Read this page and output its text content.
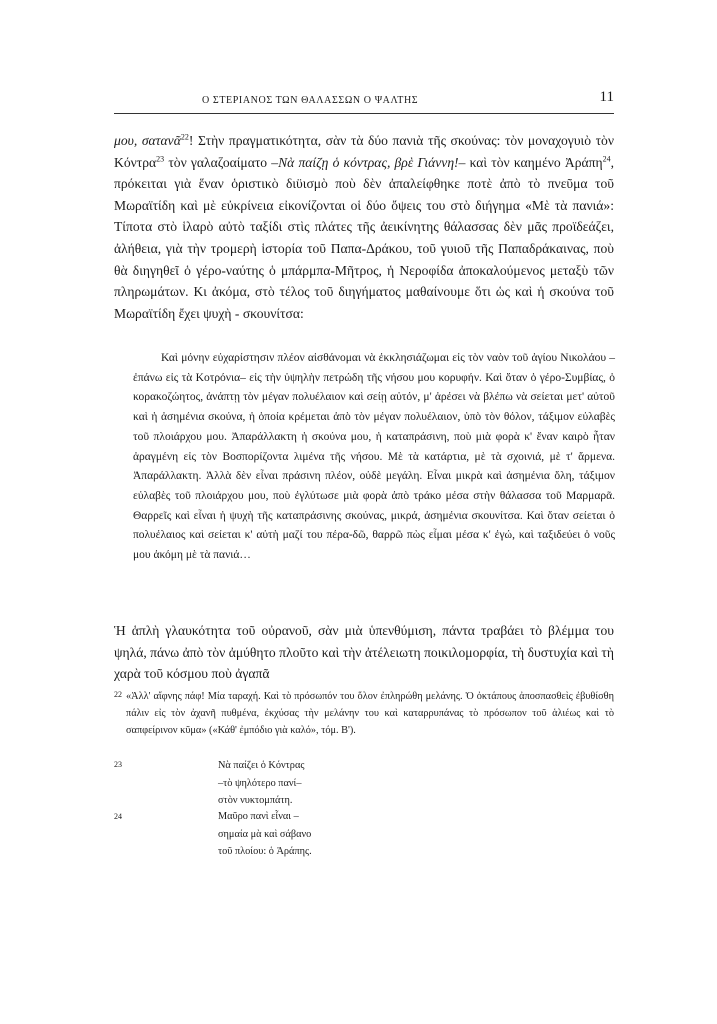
Ο ΣΤΕΡΙΑΝΟΣ ΤΩΝ ΘΑΛΑΣΣΩΝ Ο ΨΑΛΤΗΣ	11

μου, σατανᾶ$^{22}$! Στὴν πραγματικότητα, σὰν τὰ δύο πανιὰ τῆς σκούνας: τὸν μοναχογυιὸ τὸν Κόντρα$^{23}$ τὸν γαλαζοαίματο –Νὰ παίζῃ ὁ κόντρας, βρὲ Γιάννη!– καὶ τὸν καημένο Ἀράπη$^{24}$, πρόκειται γιὰ ἕναν ὁριστικὸ διϋισμὸ ποὺ δὲν ἀπαλείφθηκε ποτὲ ἀπὸ τὸ πνεῦμα τοῦ Μωραϊτίδη καὶ μὲ εὐκρίνεια εἰκονίζονται οἱ δύο ὄψεις του στὸ διήγημα «Μὲ τὰ πανιά»: Τίποτα στὸ ἱλαρὸ αὐτὸ ταξίδι στὶς πλάτες τῆς ἀεικίνητης θάλασσας δὲν μᾶς προϊδεάζει, ἀλήθεια, γιὰ τὴν τρομερὴ ἱστορία τοῦ Παπα-Δράκου, τοῦ γυιοῦ τῆς Παπαδράκαινας, ποὺ θὰ διηγηθεῖ ὁ γέρο-ναύτης ὁ μπάρμπα-Μῆτρος, ἡ Νεροφίδα ἀποκαλούμενος μεταξὺ τῶν πληρωμάτων. Κι ἀκόμα, στὸ τέλος τοῦ διηγήματος μαθαίνουμε ὅτι ὡς καὶ ἡ σκούνα τοῦ Μωραϊτίδη ἔχει ψυχὴ - σκουνίτσα:

Καὶ μόνην εὐχαρίστησιν πλέον αἰσθάνομαι νὰ ἐκκλησιάζωμαι εἰς τὸν ναὸν τοῦ ἁγίου Νικολάου –ἐπάνω εἰς τὰ Κοτρόνια– εἰς τὴν ὑψηλὴν πετρώδη τῆς νήσου μου κορυφήν. Καὶ ὅταν ὁ γέρο-Συμβίας, ὁ κορακοζώητος, ἀνάπτῃ τὸν μέγαν πολυέλαιον καὶ σείῃ αὐτόν, μ' ἀρέσει νὰ βλέπω νὰ σείεται μετ' αὐτοῦ καὶ ἡ ἀσημένια σκούνα, ἡ ὁποία κρέμεται ἀπὸ τὸν μέγαν πολυέλαιον, ὑπὸ τὸν θόλον, τάξιμον εὐλαβὲς τοῦ πλοιάρχου μου. Ἀπαράλλακτη ἡ σκούνα μου, ἡ καταπράσινη, ποὺ μιὰ φορὰ κ' ἕναν καιρὸ ἦταν ἀραγμένη εἰς τὸν Βοσπορίζοντα λιμένα τῆς νήσου. Μὲ τὰ κατάρτια, μὲ τὰ σχοινιά, μὲ τ' ἄρμενα. Ἀπαράλλακτη. Ἀλλὰ δὲν εἶναι πράσινη πλέον, οὐδὲ μεγάλη. Εἶναι μικρὰ καὶ ἀσημένια ὅλη, τάξιμον εὐλαβὲς τοῦ πλοιάρχου μου, ποὺ ἐγλύτωσε μιὰ φορὰ ἀπὸ τράκο μέσα στὴν θάλασσα τοῦ Μαρμαρᾶ. Θαρρεῖς καὶ εἶναι ἡ ψυχὴ τῆς καταπράσινης σκούνας, μικρά, ἀσημένια σκουνίτσα. Καὶ ὅταν σείεται ὁ πολυέλαιος καὶ σείεται κ' αὐτὴ μαζί του πέρα-δῶ, θαρρῶ πὼς εἶμαι μέσα κ' ἐγώ, καὶ ταξιδεύει ὁ νοῦς μου ἀκόμη μὲ τὰ πανιά…

Ἡ ἁπλὴ γλαυκότητα τοῦ οὐρανοῦ, σὰν μιὰ ὑπενθύμιση, πάντα τραβάει τὸ βλέμμα του ψηλά, πάνω ἀπὸ τὸν ἀμύθητο πλοῦτο καὶ τὴν ἀτέλειωτη ποικιλομορφία, τὴ δυστυχία καὶ τὴ χαρὰ τοῦ κόσμου ποὺ ἀγαπᾶ

22 «Ἀλλ' αἴφνης πάφ! Μία ταραχή. Καὶ τὸ πρόσωπόν του ὅλον ἐπληρώθη μελάνης. Ὁ ὀκτάπους ἀποσπασθεὶς ἐβυθίσθη πάλιν εἰς τὸν ἀχανῆ πυθμένα, ἐκχύσας τὴν μελάνην του καὶ καταρρυπάνας τὸ πρόσωπον τοῦ ἁλιέως καὶ τὸ σαπφείρινον κῦμα» («Κάθ' ἐμπόδιο γιὰ καλό», τόμ. Β').
23	Νὰ παίζει ὁ Κόντρας
–τὸ ψηλότερο πανί–
στὸν νυκτομπάτη.
24	Μαῦρο πανὶ εἶναι –
σημαία μὰ καὶ σάβανο
τοῦ πλοίου: ὁ Ἀράπης.
